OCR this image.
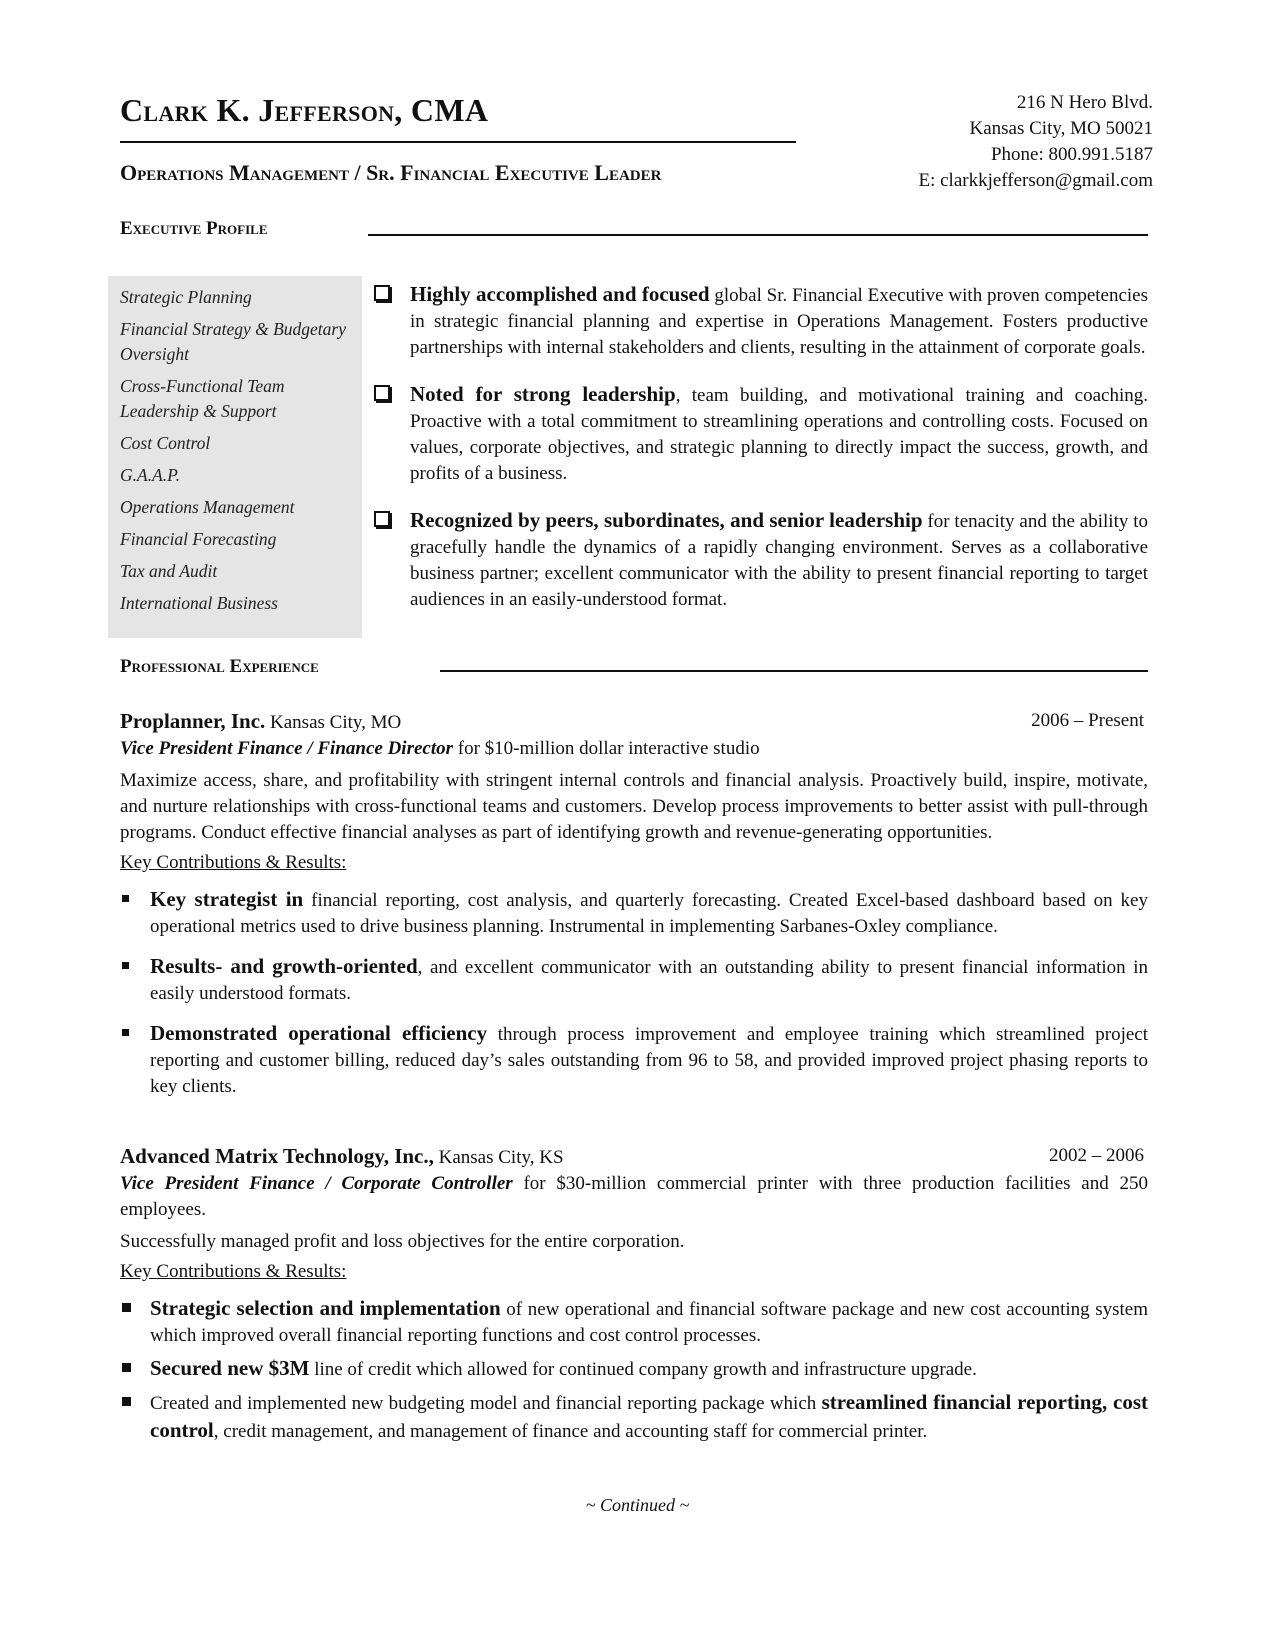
Clark K. Jefferson, CMA
Operations Management / Sr. Financial Executive Leader
216 N Hero Blvd.
Kansas City, MO 50021
Phone: 800.991.5187
E: clarkkjefferson@gmail.com
Executive Profile
Strategic Planning
Financial Strategy & Budgetary Oversight
Cross-Functional Team Leadership & Support
Cost Control
G.A.A.P.
Operations Management
Financial Forecasting
Tax and Audit
International Business
Highly accomplished and focused global Sr. Financial Executive with proven competencies in strategic financial planning and expertise in Operations Management. Fosters productive partnerships with internal stakeholders and clients, resulting in the attainment of corporate goals.
Noted for strong leadership, team building, and motivational training and coaching. Proactive with a total commitment to streamlining operations and controlling costs. Focused on values, corporate objectives, and strategic planning to directly impact the success, growth, and profits of a business.
Recognized by peers, subordinates, and senior leadership for tenacity and the ability to gracefully handle the dynamics of a rapidly changing environment. Serves as a collaborative business partner; excellent communicator with the ability to present financial reporting to target audiences in an easily-understood format.
Professional Experience
Proplanner, Inc. Kansas City, MO	2006 – Present
Vice President Finance / Finance Director for $10-million dollar interactive studio
Maximize access, share, and profitability with stringent internal controls and financial analysis. Proactively build, inspire, motivate, and nurture relationships with cross-functional teams and customers. Develop process improvements to better assist with pull-through programs. Conduct effective financial analyses as part of identifying growth and revenue-generating opportunities.
Key Contributions & Results:
Key strategist in financial reporting, cost analysis, and quarterly forecasting. Created Excel-based dashboard based on key operational metrics used to drive business planning. Instrumental in implementing Sarbanes-Oxley compliance.
Results- and growth-oriented, and excellent communicator with an outstanding ability to present financial information in easily understood formats.
Demonstrated operational efficiency through process improvement and employee training which streamlined project reporting and customer billing, reduced day’s sales outstanding from 96 to 58, and provided improved project phasing reports to key clients.
Advanced Matrix Technology, Inc., Kansas City, KS	2002 – 2006
Vice President Finance / Corporate Controller for $30-million commercial printer with three production facilities and 250 employees.
Successfully managed profit and loss objectives for the entire corporation.
Key Contributions & Results:
Strategic selection and implementation of new operational and financial software package and new cost accounting system which improved overall financial reporting functions and cost control processes.
Secured new $3M line of credit which allowed for continued company growth and infrastructure upgrade.
Created and implemented new budgeting model and financial reporting package which streamlined financial reporting, cost control, credit management, and management of finance and accounting staff for commercial printer.
~ Continued ~
